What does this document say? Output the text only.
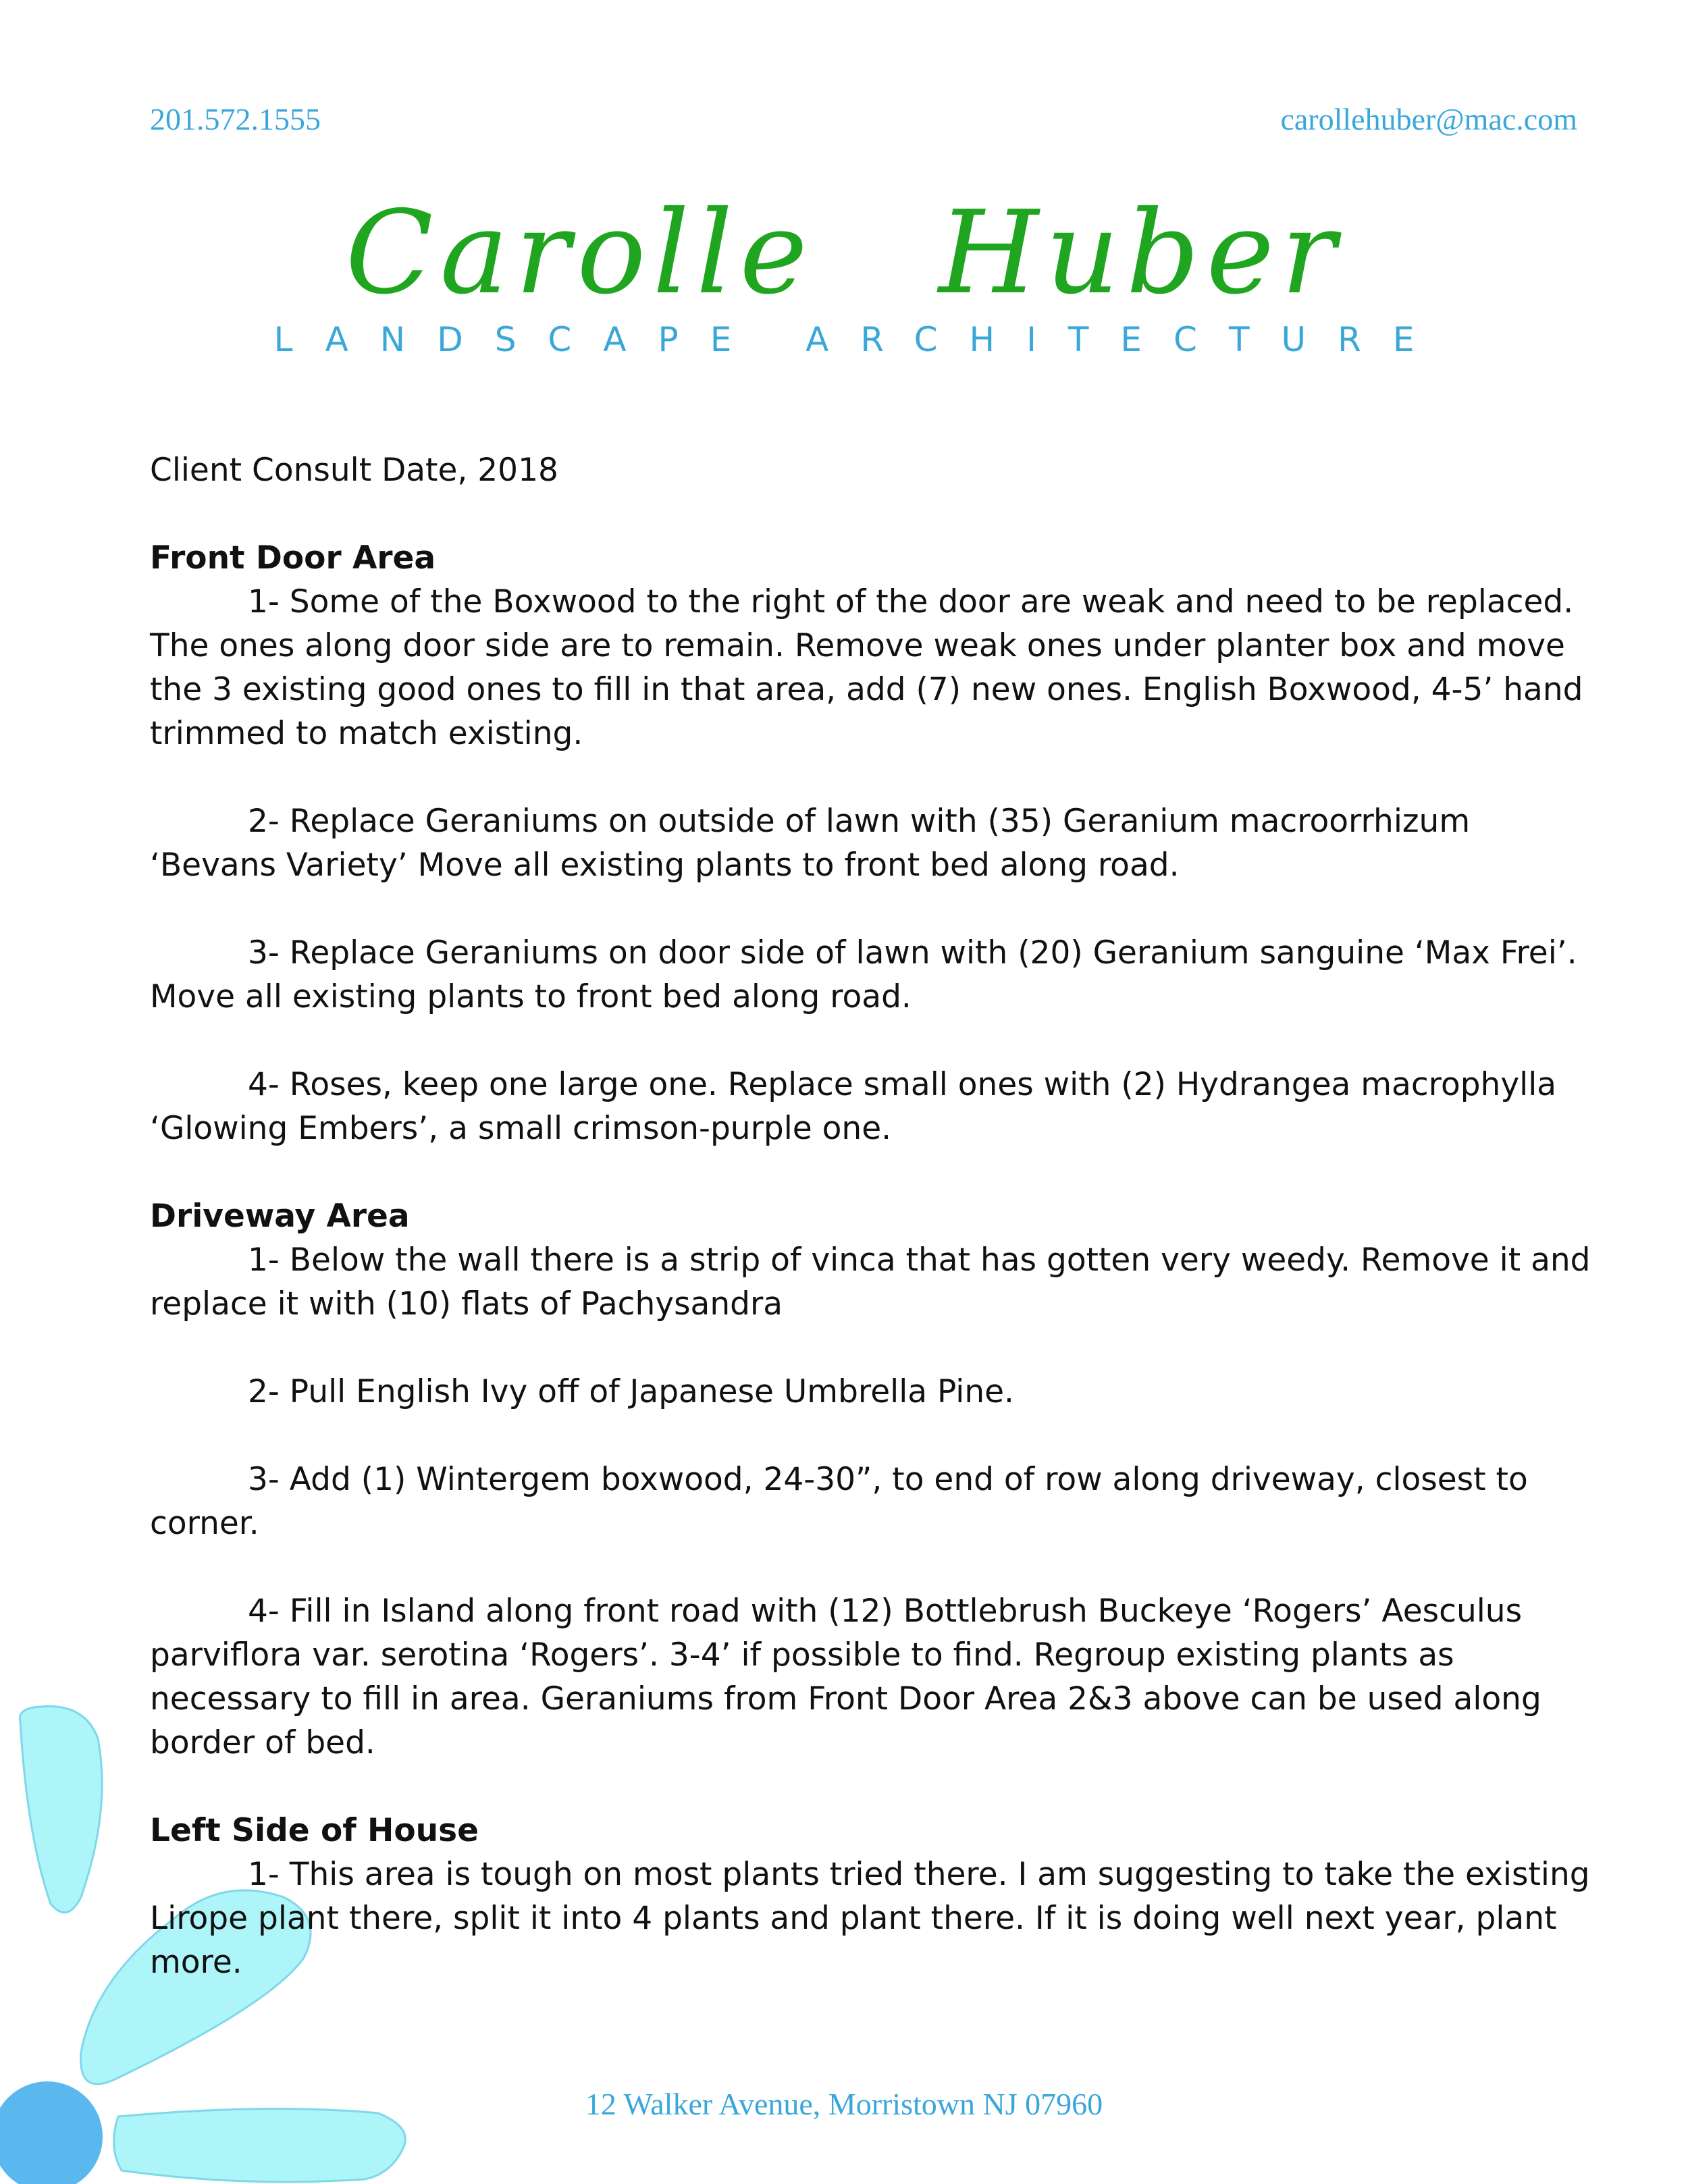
201.572.1555	carollehuber@mac.com
Carolle Huber
LANDSCAPE ARCHITECTURE

Client Consult Date, 2018

Front Door Area

1- Some of the Boxwood to the right of the door are weak and need to be replaced. The ones along door side are to remain. Remove weak ones under planter box and move the 3 existing good ones to fill in that area, add (7) new ones. English Boxwood, 4-5’ hand trimmed to match existing.

2- Replace Geraniums on outside of lawn with (35) Geranium macroorrhizum ‘Bevans Variety’ Move all existing plants to front bed along road.

3- Replace Geraniums on door side of lawn with (20) Geranium sanguine ‘Max Frei’. Move all existing plants to front bed along road.

4- Roses, keep one large one. Replace small ones with (2) Hydrangea macrophylla ‘Glowing Embers’, a small crimson-purple one.

Driveway Area

1- Below the wall there is a strip of vinca that has gotten very weedy. Remove it and replace it with (10) flats of Pachysandra

2- Pull English Ivy off of Japanese Umbrella Pine.

3- Add (1) Wintergem boxwood, 24-30”, to end of row along driveway, closest to corner.

4- Fill in Island along front road with (12) Bottlebrush Buckeye ‘Rogers’ Aesculus parviflora var. serotina ‘Rogers’. 3-4’ if possible to find. Regroup existing plants as necessary to fill in area. Geraniums from Front Door Area 2&3 above can be used along border of bed.

Left Side of House

1- This area is tough on most plants tried there. I am suggesting to take the existing Lirope plant there, split it into 4 plants and plant there. If it is doing well next year, plant more.

12 Walker Avenue, Morristown NJ 07960
